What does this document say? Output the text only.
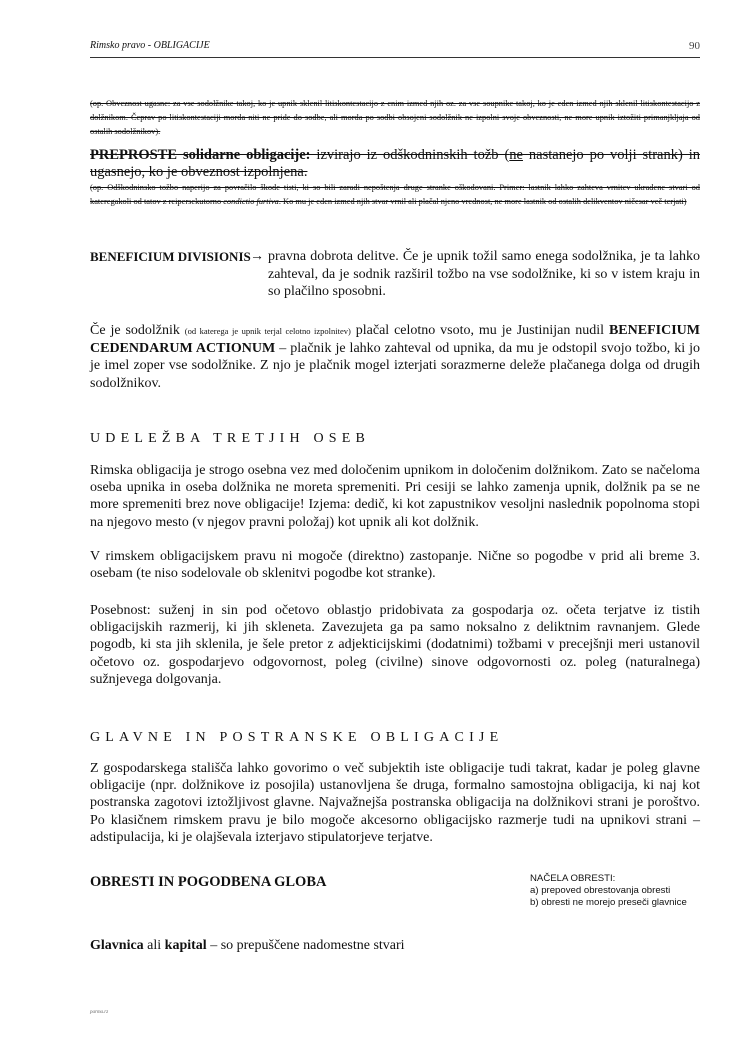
Rimsko pravo - OBLIGACIJE	90
(op. Obveznost ugasne: za vse sodolžnike takoj, ko je upnik sklenil litiskontestacijo z enim izmed njih oz. za vse soupnike takoj, ko je eden izmed njih sklenil litiskontestacijo z dolžnikom. Čeprav po litiskontestaciji morda niti ne pride do sodbe, ali morda po sodbi obsojeni sodolžnik ne izpolni svoje obveznosti, ne more upnik iztožiti primanjkljaja od ostalih sodolžnikov).
PREPROSTE solidarne obligacije: izvirajo iz odškodninskih tožb (ne nastanejo po volji strank) in ugasnejo, ko je obveznost izpolnjena.
(op. Odškodninsko tožbo naperijo za povračilo škode tisti, ki so bili zaradi nepoštenja druge stranke oškodovani. Primer: lastnik lahko zahteva vrnitev ukradene stvari od kateregakoli od tatov z reipersekutorno condictio furtiva. Ko mu je eden izmed njih stvar vrnil ali plačal njeno vrednost, ne more lastnik od ostalih delikventov ničesar več terjati)
BENEFICIUM DIVISIONIS → pravna dobrota delitve. Če je upnik tožil samo enega sodolžnika, je ta lahko zahteval, da je sodnik razširil tožbo na vse sodolžnike, ki so v istem kraju in so plačilno sposobni.
Če je sodolžnik (od katerega je upnik terjal celotno izpolnitev) plačal celotno vsoto, mu je Justinijan nudil BENEFICIUM CEDENDARUM ACTIONUM – plačnik je lahko zahteval od upnika, da mu je odstopil svojo tožbo, ki jo je imel zoper vse sodolžnike. Z njo je plačnik mogel izterjati sorazmerne deleže plačanega dolga od drugih sodolžnikov.
UDELEŽBA TRETJIH OSEB
Rimska obligacija je strogo osebna vez med določenim upnikom in določenim dolžnikom. Zato se načeloma oseba upnika in oseba dolžnika ne moreta spremeniti. Pri cesiji se lahko zamenja upnik, dolžnik pa se ne more spremeniti brez nove obligacije! Izjema: dedič, ki kot zapustnikov vesoljni naslednik popolnoma stopi na njegovo mesto (v njegov pravni položaj) kot upnik ali kot dolžnik.
V rimskem obligacijskem pravu ni mogoče (direktno) zastopanje. Nične so pogodbe v prid ali breme 3. osebam (te niso sodelovale ob sklenitvi pogodbe kot stranke).
Posebnost: suženj in sin pod očetovo oblastjo pridobivata za gospodarja oz. očeta terjatve iz tistih obligacijskih razmerij, ki jih skleneta. Zavezujeta ga pa samo noksalno z deliktnim ravnanjem. Glede pogodb, ki sta jih sklenila, je šele pretor z adjekticijskimi (dodatnimi) tožbami v precejšnji meri ustanovil očetovo oz. gospodarjevo odgovornost, poleg (civilne) sinove odgovornosti oz. poleg (naturalnega) sužnjevega dolgovanja.
GLAVNE IN POSTRANSKE OBLIGACIJE
Z gospodarskega stališča lahko govorimo o več subjektih iste obligacije tudi takrat, kadar je poleg glavne obligacije (npr. dolžnikove iz posojila) ustanovljena še druga, formalno samostojna obligacija, ki naj kot postranska zagotovi iztožljivost glavne. Najvažnejša postranska obligacija na dolžnikovi strani je poroštvo. Po klasičnem rimskem pravu je bilo mogoče akcesorno obligacijsko razmerje tudi na upnikovi strani – adstipulacija, ki je olajševala izterjavo stipulatorjeve terjatve.
OBRESTI IN POGODBENA GLOBA	NAČELA OBRESTI:
a) prepoved obrestovanja obresti
b) obresti ne morejo preseči glavnice
Glavnica ali kapital – so prepuščene nadomestne stvari
parma.rz
